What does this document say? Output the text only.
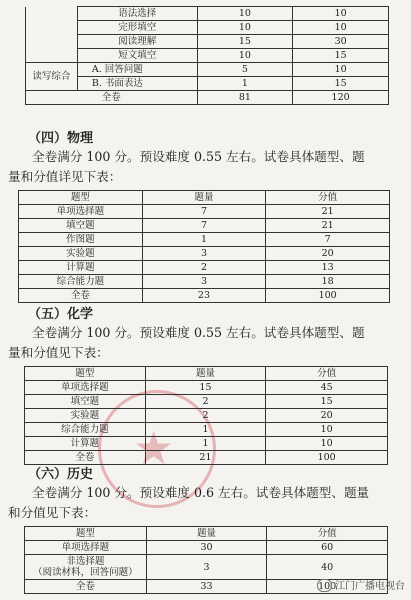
	语法选择	10	10
	完形填空	10	10
	阅读理解	15	30
	短文填空	10	15
读写综合	A. 回答问题	5	10
	B. 书面表达	1	15
全卷		81	120
（四）物理
全卷满分 100 分。预设难度 0.55 左右。试卷具体题型、题
量和分值详见下表：
题型	题量	分值
单项选择题	7	21
填空题	7	21
作图题	1	7
实验题	3	20
计算题	2	13
综合能力题	3	18
全卷	23	100
★
（五）化学
全卷满分 100 分。预设难度 0.55 左右。试卷具体题型、题
量和分值见下表：
题型	题量	分值
单项选择题	15	45
填空题	2	15
实验题	2	20
综合能力题	1	10
计算题	1	10
全卷	21	100
（六）历史
全卷满分 100 分。预设难度 0.6 左右。试卷具体题型、题量
和分值见下表：
题型	题量	分值
单项选择题	30	60
非选择题
（阅读材料，回答问题）	3	40
全卷	33	100
江门广播电视台
